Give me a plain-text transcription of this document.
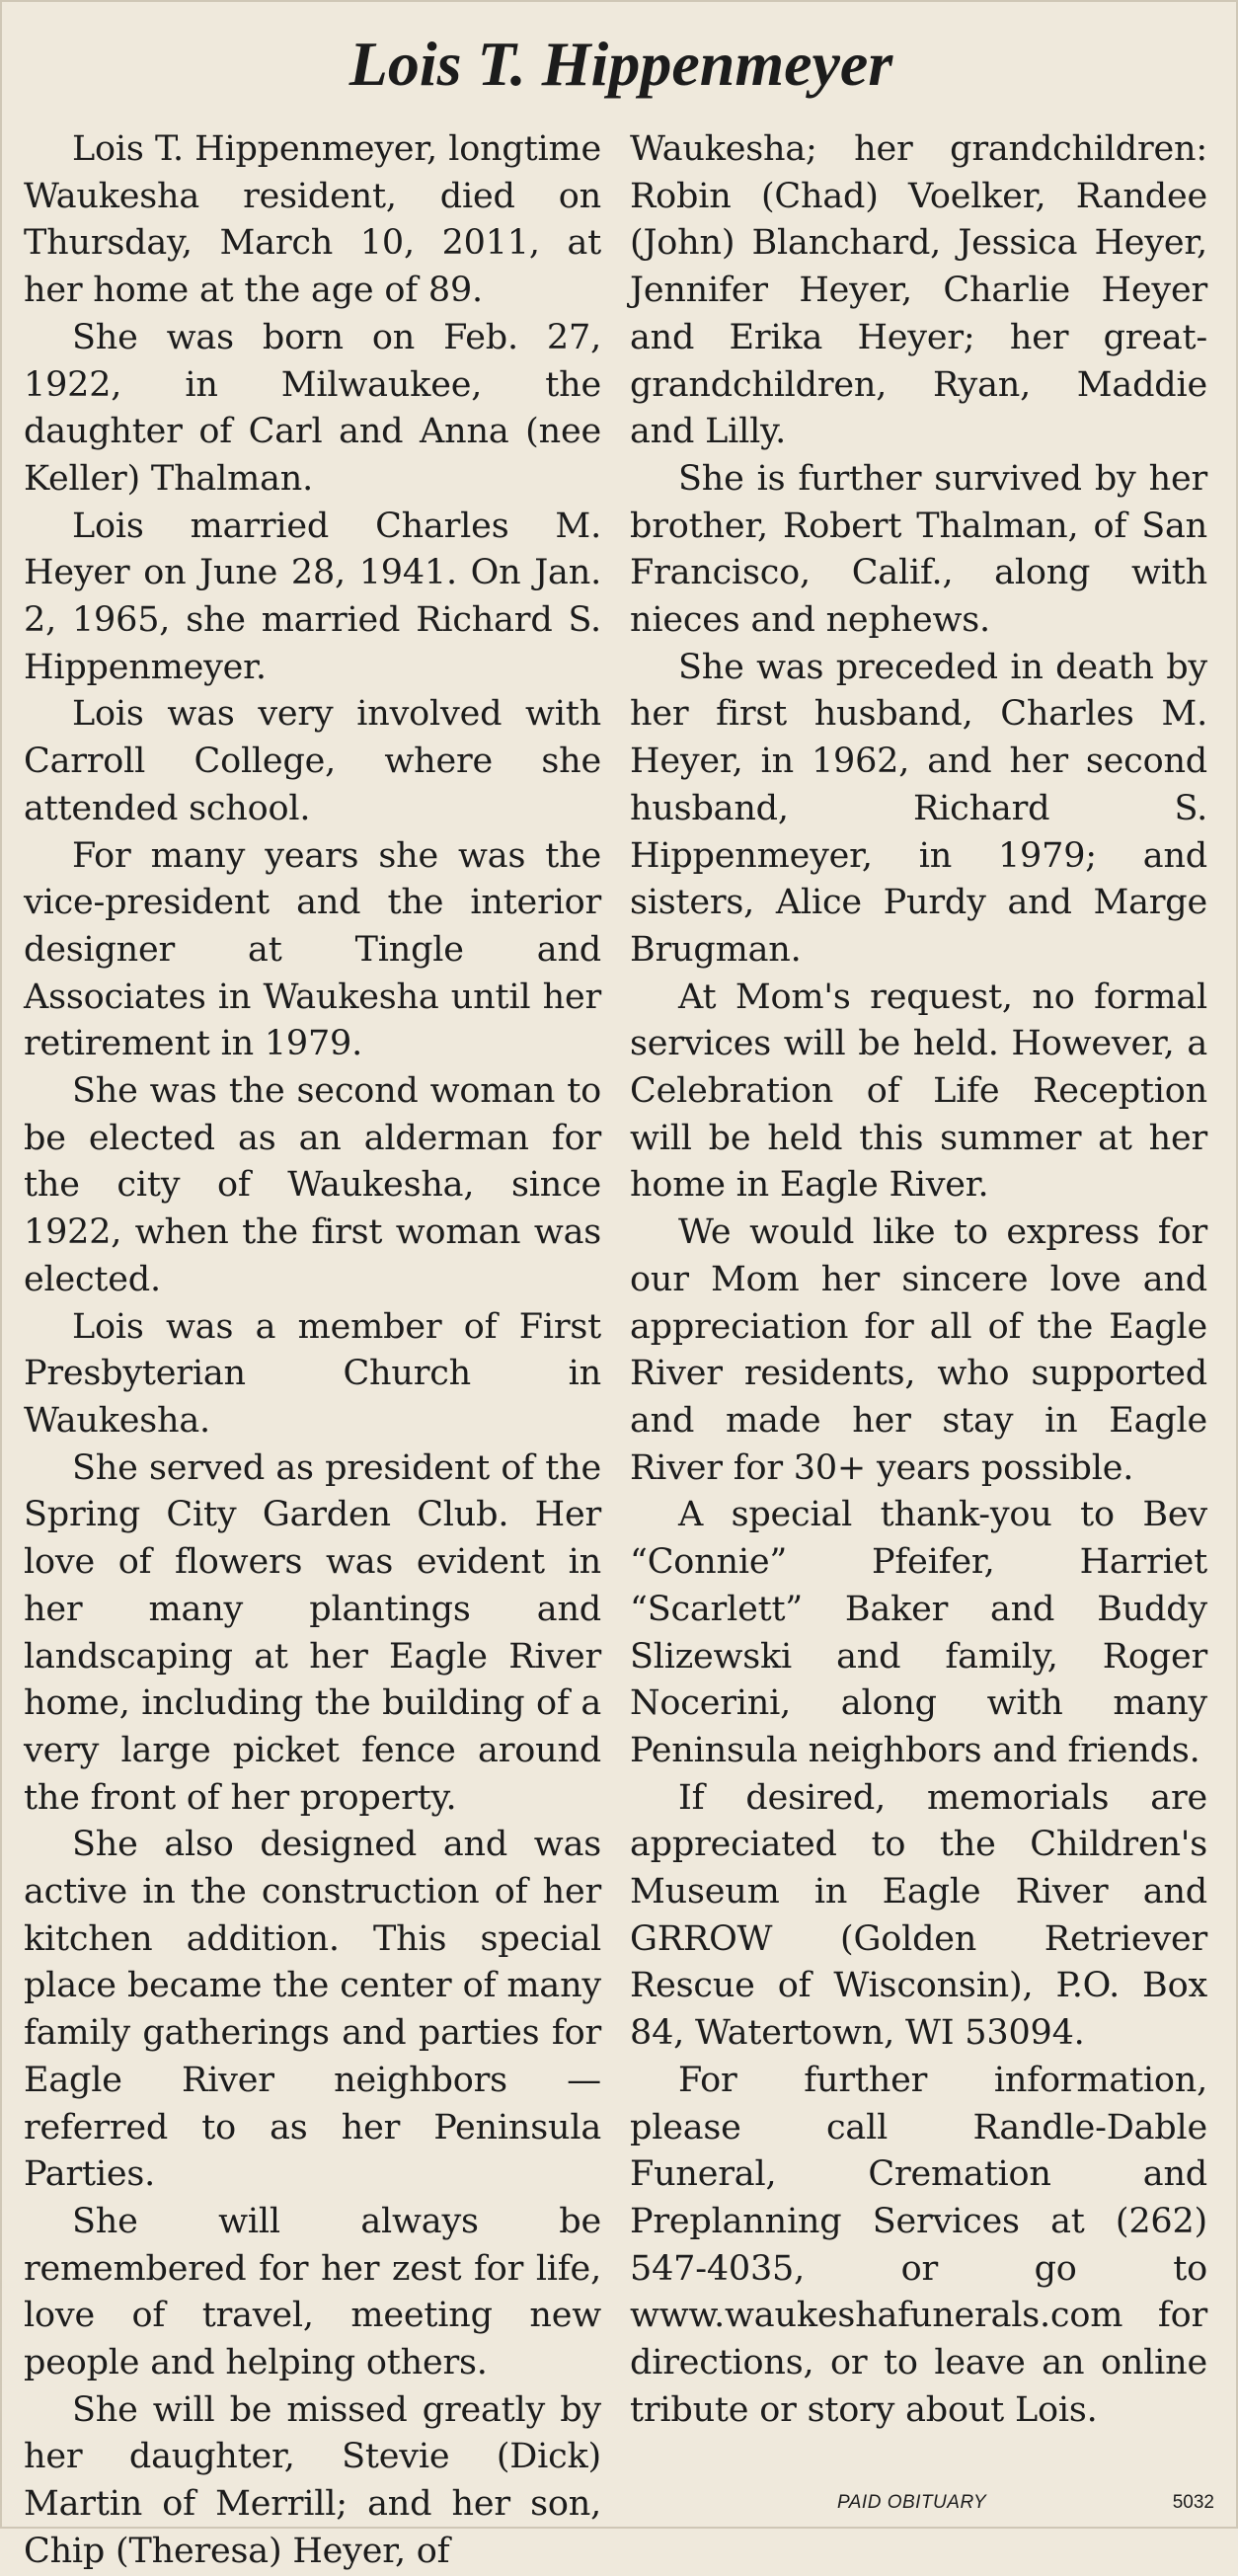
Lois T. Hippenmeyer

Lois T. Hippenmeyer, longtime Waukesha resident, died on Thursday, March 10, 2011, at her home at the age of 89.

She was born on Feb. 27, 1922, in Milwaukee, the daughter of Carl and Anna (nee Keller) Thalman.

Lois married Charles M. Heyer on June 28, 1941. On Jan. 2, 1965, she married Richard S. Hippenmeyer.

Lois was very involved with Carroll College, where she attended school.

For many years she was the vice-president and the interior designer at Tingle and Associates in Waukesha until her retirement in 1979.

She was the second woman to be elected as an alderman for the city of Waukesha, since 1922, when the first woman was elected.

Lois was a member of First Presbyterian Church in Waukesha.

She served as president of the Spring City Garden Club. Her love of flowers was evident in her many plantings and landscaping at her Eagle River home, including the building of a very large picket fence around the front of her property.

She also designed and was active in the construction of her kitchen addition. This special place became the center of many family gatherings and parties for Eagle River neighbors — referred to as her Peninsula Parties.

She will always be remembered for her zest for life, love of travel, meeting new people and helping others.

She will be missed greatly by her daughter, Stevie (Dick) Martin of Merrill; and her son, Chip (Theresa) Heyer, of

Waukesha; her grandchildren: Robin (Chad) Voelker, Randee (John) Blanchard, Jessica Heyer, Jennifer Heyer, Charlie Heyer and Erika Heyer; her great-grandchildren, Ryan, Maddie and Lilly.

She is further survived by her brother, Robert Thalman, of San Francisco, Calif., along with nieces and nephews.

She was preceded in death by her first husband, Charles M. Heyer, in 1962, and her second husband, Richard S. Hippenmeyer, in 1979; and sisters, Alice Purdy and Marge Brugman.

At Mom's request, no formal services will be held. However, a Celebration of Life Reception will be held this summer at her home in Eagle River.

We would like to express for our Mom her sincere love and appreciation for all of the Eagle River residents, who supported and made her stay in Eagle River for 30+ years possible.

A special thank-you to Bev “Connie” Pfeifer, Harriet “Scarlett” Baker and Buddy Slizewski and family, Roger Nocerini, along with many Peninsula neighbors and friends.

If desired, memorials are appreciated to the Children's Museum in Eagle River and GRROW (Golden Retriever Rescue of Wisconsin), P.O. Box 84, Watertown, WI 53094.

For further information, please call Randle-Dable Funeral, Cremation and Preplanning Services at (262) 547-4035, or go to www.waukeshafunerals.com for directions, or to leave an online tribute or story about Lois.

PAID OBITUARY	5032
